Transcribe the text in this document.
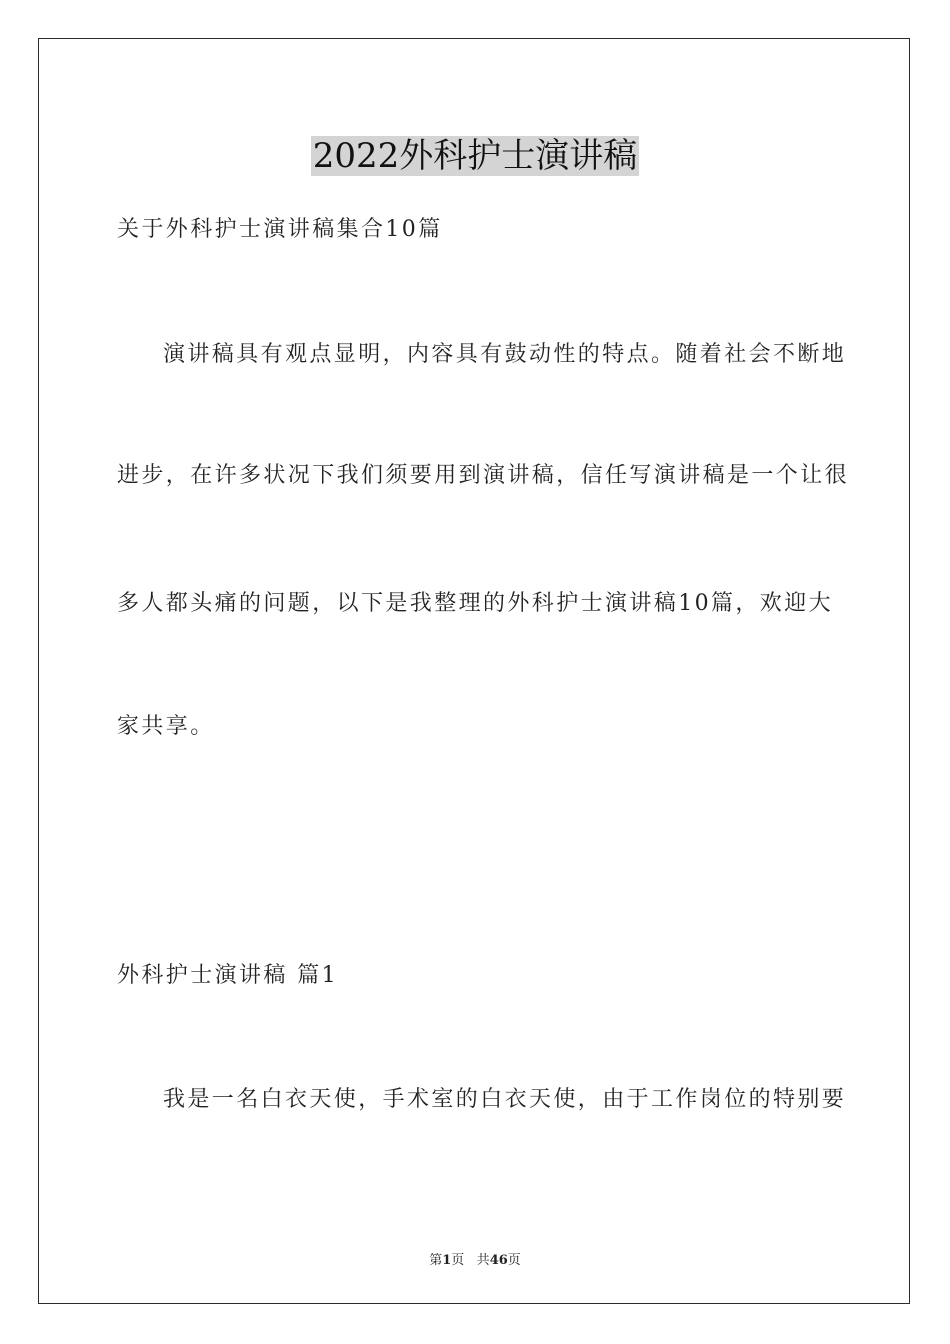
2022外科护士演讲稿

关于外科护士演讲稿集合10篇

演讲稿具有观点显明，内容具有鼓动性的特点。随着社会不断地

进步，在许多状况下我们须要用到演讲稿，信任写演讲稿是一个让很

多人都头痛的问题，以下是我整理的外科护士演讲稿10篇，欢迎大

家共享。

外科护士演讲稿 篇1

我是一名白衣天使，手术室的白衣天使，由于工作岗位的特别要

第1页 共46页
